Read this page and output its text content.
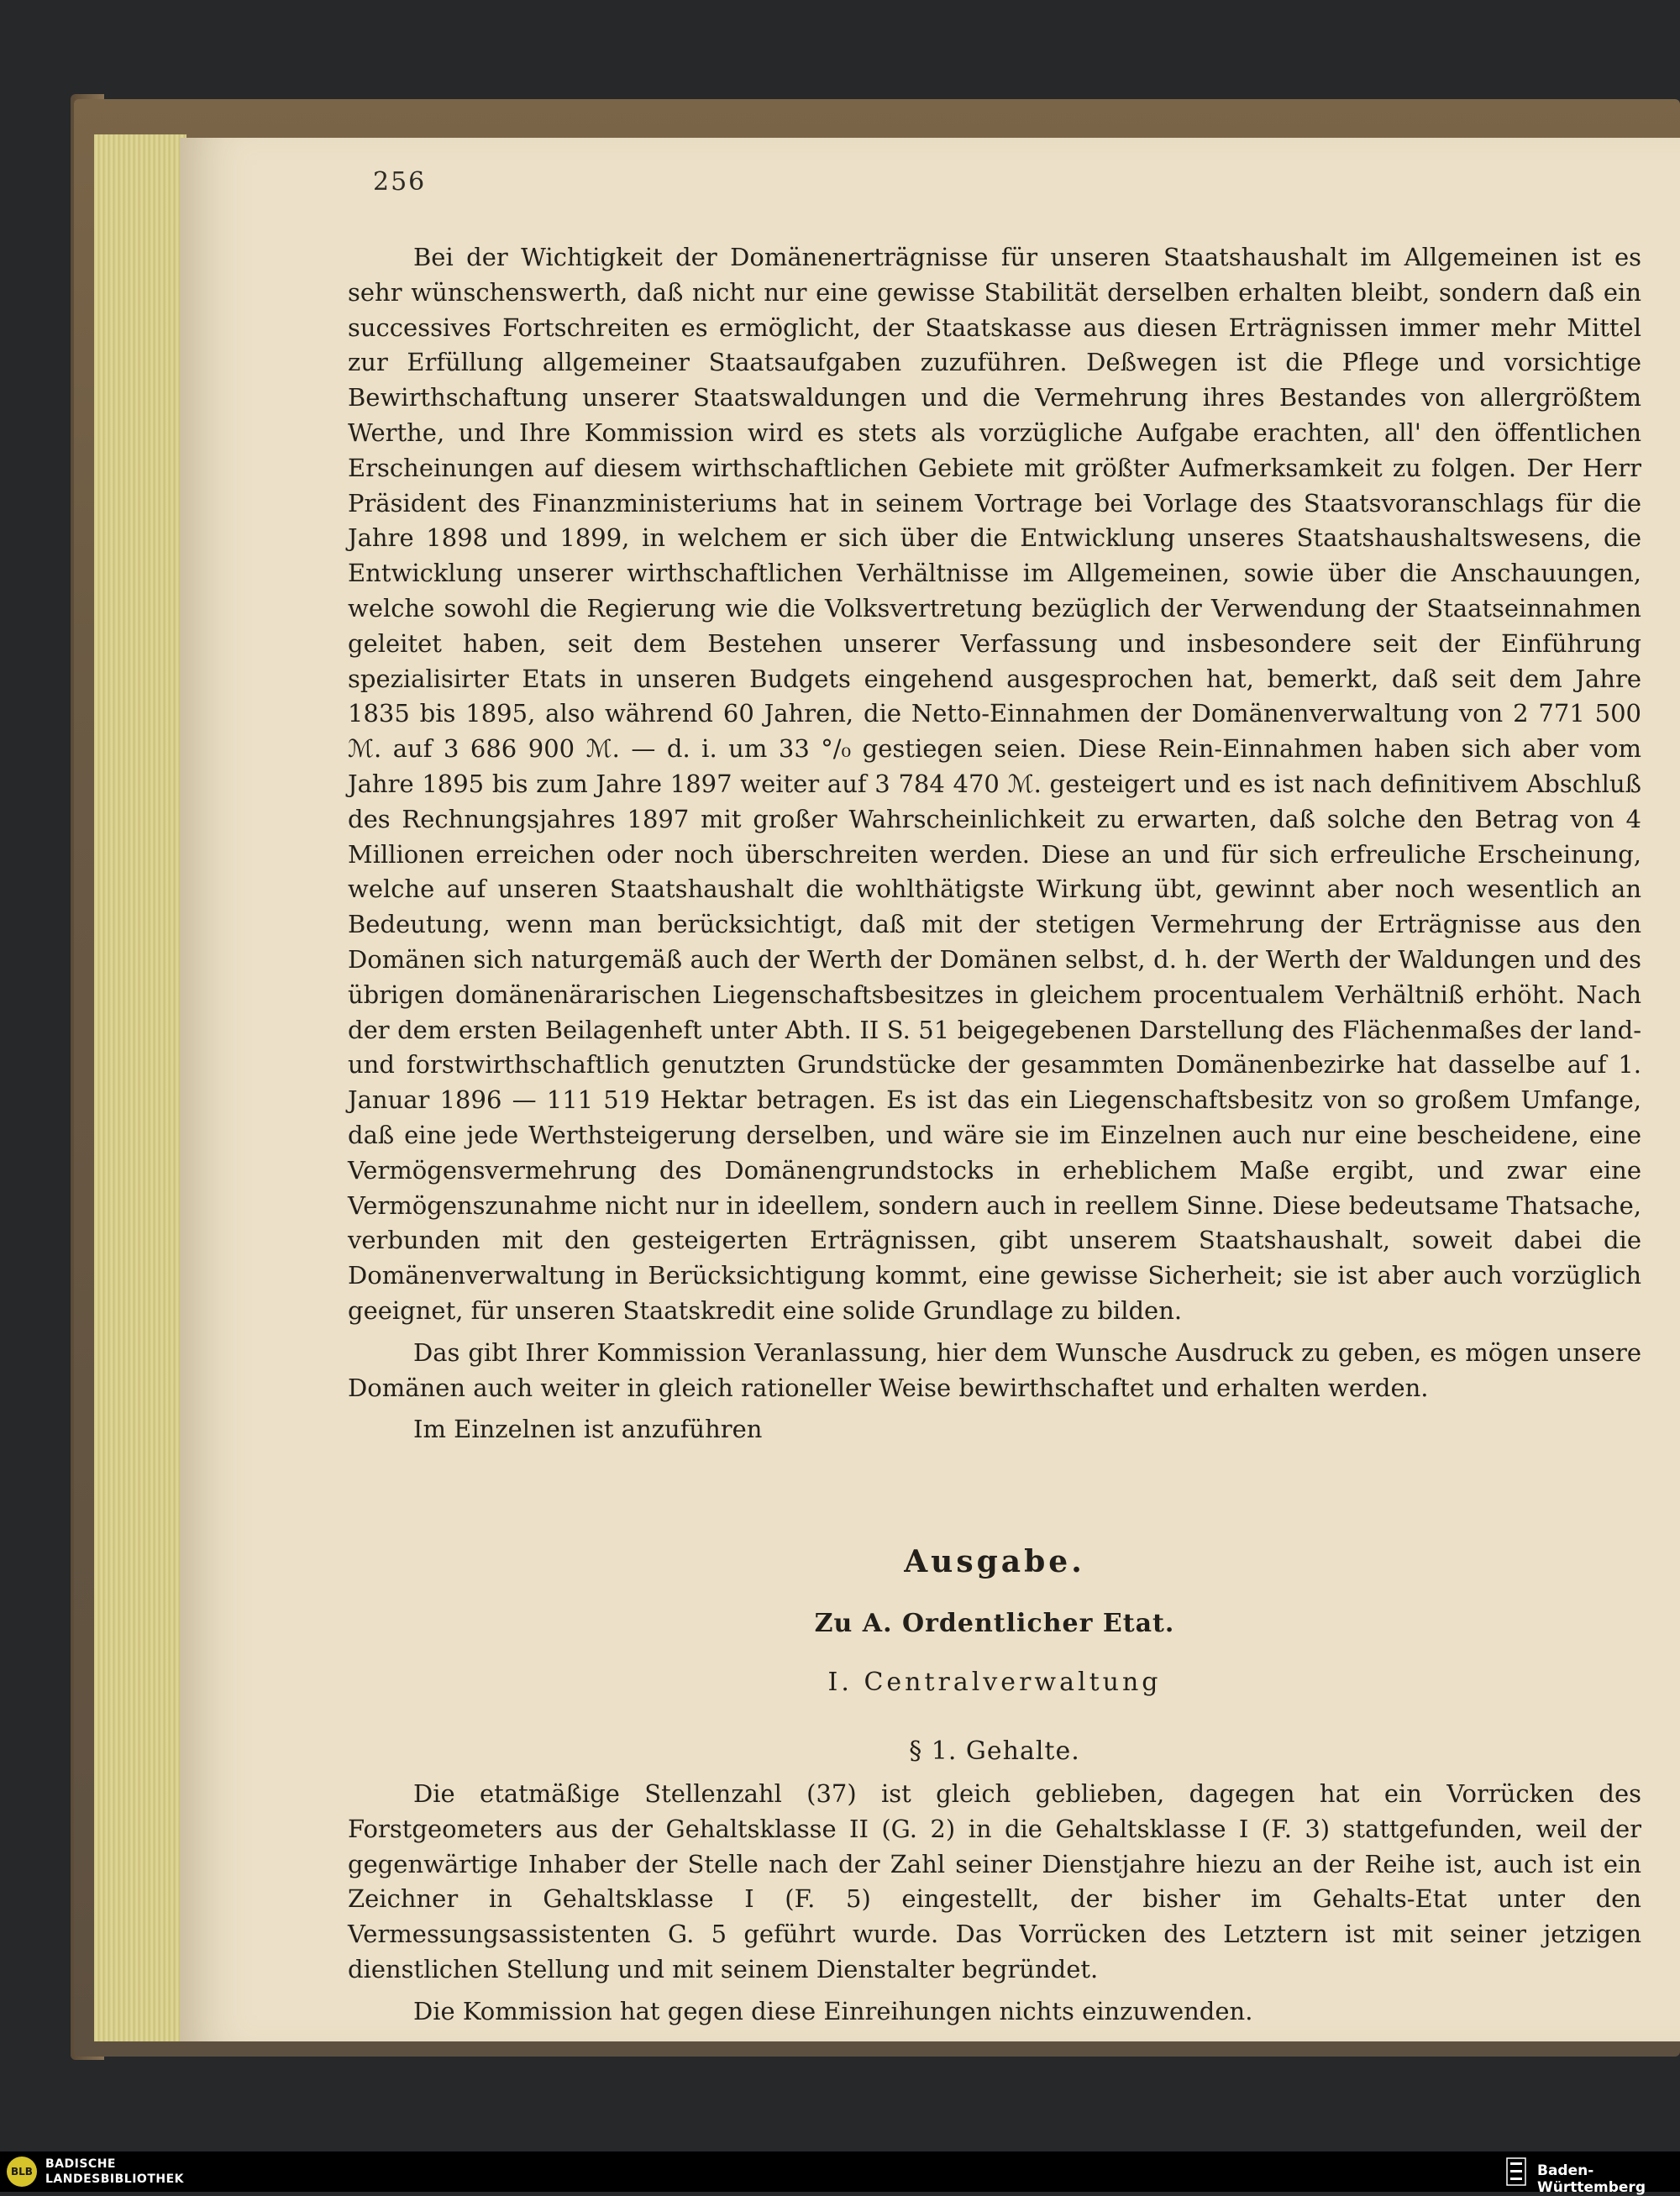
256

Bei der Wichtigkeit der Domänenerträgnisse für unseren Staatshaushalt im Allgemeinen ist es sehr wünschenswerth, daß nicht nur eine gewisse Stabilität derselben erhalten bleibt, sondern daß ein successives Fortschreiten es ermöglicht, der Staatskasse aus diesen Erträgnissen immer mehr Mittel zur Erfüllung allgemeiner Staatsaufgaben zuzuführen. Deßwegen ist die Pflege und vorsichtige Bewirthschaftung unserer Staatswaldungen und die Vermehrung ihres Bestandes von allergrößtem Werthe, und Ihre Kommission wird es stets als vorzügliche Aufgabe erachten, all' den öffentlichen Erscheinungen auf diesem wirthschaftlichen Gebiete mit größter Aufmerksamkeit zu folgen. Der Herr Präsident des Finanzministeriums hat in seinem Vortrage bei Vorlage des Staatsvoranschlags für die Jahre 1898 und 1899, in welchem er sich über die Entwicklung unseres Staatshaushaltswesens, die Entwicklung unserer wirthschaftlichen Verhältnisse im Allgemeinen, sowie über die Anschauungen, welche sowohl die Regierung wie die Volksvertretung bezüglich der Verwendung der Staatseinnahmen geleitet haben, seit dem Bestehen unserer Verfassung und insbesondere seit der Einführung spezialisirter Etats in unseren Budgets eingehend ausgesprochen hat, bemerkt, daß seit dem Jahre 1835 bis 1895, also während 60 Jahren, die Netto-Einnahmen der Domänenverwaltung von 2 771 500 ℳ. auf 3 686 900 ℳ. — d. i. um 33 °/₀ gestiegen seien. Diese Rein-Einnahmen haben sich aber vom Jahre 1895 bis zum Jahre 1897 weiter auf 3 784 470 ℳ. gesteigert und es ist nach definitivem Abschluß des Rechnungsjahres 1897 mit großer Wahrscheinlichkeit zu erwarten, daß solche den Betrag von 4 Millionen erreichen oder noch überschreiten werden. Diese an und für sich erfreuliche Erscheinung, welche auf unseren Staatshaushalt die wohlthätigste Wirkung übt, gewinnt aber noch wesentlich an Bedeutung, wenn man berücksichtigt, daß mit der stetigen Vermehrung der Erträgnisse aus den Domänen sich naturgemäß auch der Werth der Domänen selbst, d. h. der Werth der Waldungen und des übrigen domänenärarischen Liegenschaftsbesitzes in gleichem procentualem Verhältniß erhöht. Nach der dem ersten Beilagenheft unter Abth. II S. 51 beigegebenen Darstellung des Flächenmaßes der land- und forstwirthschaftlich genutzten Grundstücke der gesammten Domänenbezirke hat dasselbe auf 1. Januar 1896 — 111 519 Hektar betragen. Es ist das ein Liegenschaftsbesitz von so großem Umfange, daß eine jede Werthsteigerung derselben, und wäre sie im Einzelnen auch nur eine bescheidene, eine Vermögensvermehrung des Domänengrundstocks in erheblichem Maße ergibt, und zwar eine Vermögenszunahme nicht nur in ideellem, sondern auch in reellem Sinne. Diese bedeutsame Thatsache, verbunden mit den gesteigerten Erträgnissen, gibt unserem Staatshaushalt, soweit dabei die Domänenverwaltung in Berücksichtigung kommt, eine gewisse Sicherheit; sie ist aber auch vorzüglich geeignet, für unseren Staatskredit eine solide Grundlage zu bilden.

Das gibt Ihrer Kommission Veranlassung, hier dem Wunsche Ausdruck zu geben, es mögen unsere Domänen auch weiter in gleich rationeller Weise bewirthschaftet und erhalten werden.

Im Einzelnen ist anzuführen

Ausgabe.
Zu A. Ordentlicher Etat.
I. Centralverwaltung
§ 1. Gehalte.

Die etatmäßige Stellenzahl (37) ist gleich geblieben, dagegen hat ein Vorrücken des Forstgeometers aus der Gehaltsklasse II (G. 2) in die Gehaltsklasse I (F. 3) stattgefunden, weil der gegenwärtige Inhaber der Stelle nach der Zahl seiner Dienstjahre hiezu an der Reihe ist, auch ist ein Zeichner in Gehaltsklasse I (F. 5) eingestellt, der bisher im Gehalts-Etat unter den Vermessungsassistenten G. 5 geführt wurde. Das Vorrücken des Letztern ist mit seiner jetzigen dienstlichen Stellung und mit seinem Dienstalter begründet.

Die Kommission hat gegen diese Einreihungen nichts einzuwenden.

BLB
BADISCHE
LANDESBIBLIOTHEK	Baden-Württemberg
